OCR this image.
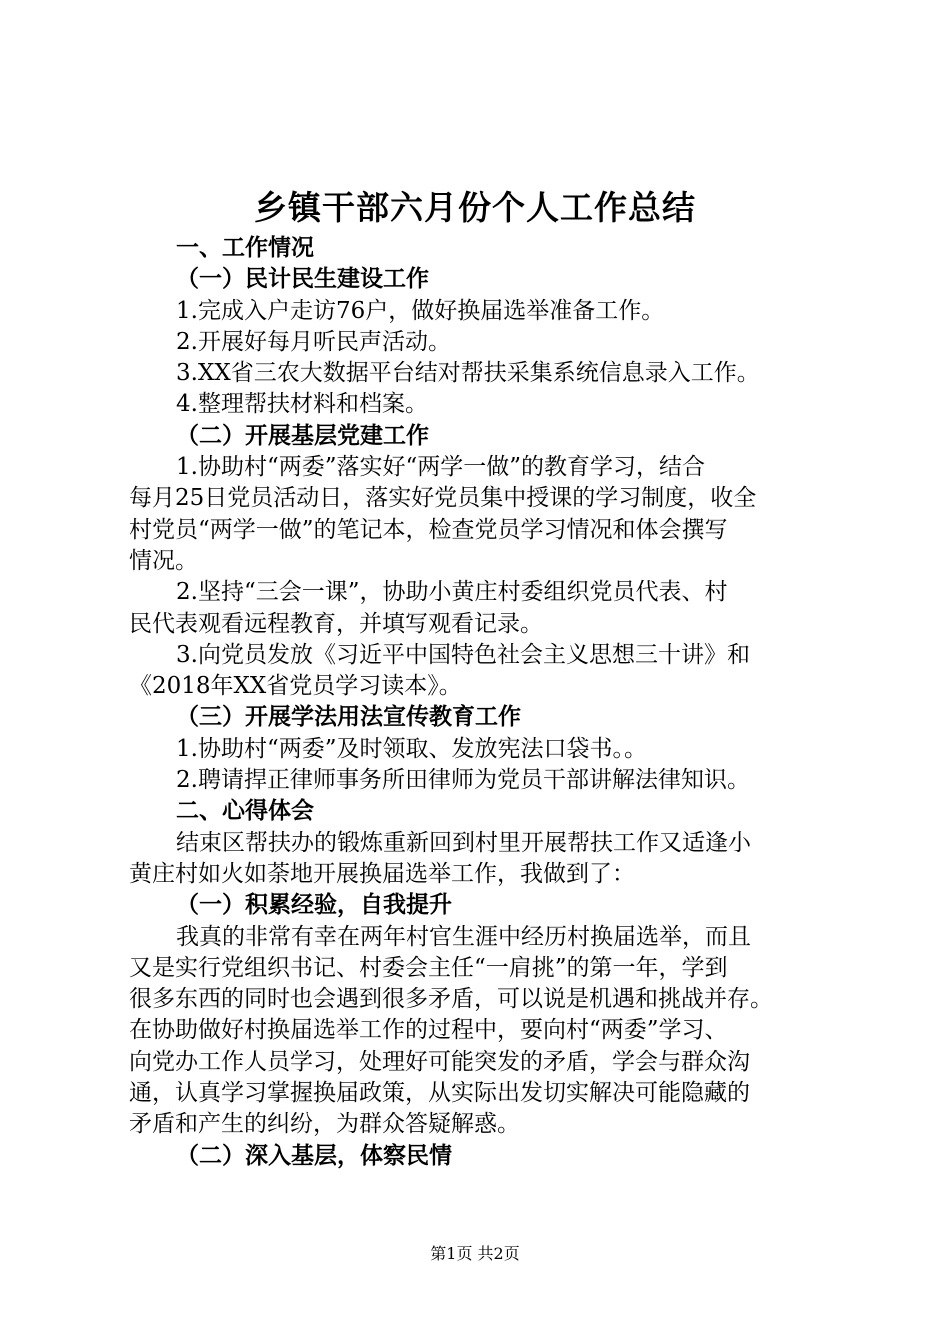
乡镇干部六月份个人工作总结
一、工作情况
（一）民计民生建设工作
1.完成入户走访76户，做好换届选举准备工作。
2.开展好每月听民声活动。
3.XX省三农大数据平台结对帮扶采集系统信息录入工作。
4.整理帮扶材料和档案。
（二）开展基层党建工作
1.协助村“两委”落实好“两学一做”的教育学习，结合
每月25日党员活动日，落实好党员集中授课的学习制度，收全
村党员“两学一做”的笔记本，检查党员学习情况和体会撰写
情况。
2.坚持“三会一课”，协助小黄庄村委组织党员代表、村
民代表观看远程教育，并填写观看记录。
3.向党员发放《习近平中国特色社会主义思想三十讲》和
《2018年XX省党员学习读本》。
（三）开展学法用法宣传教育工作
1.协助村“两委”及时领取、发放宪法口袋书。。
2.聘请捍正律师事务所田律师为党员干部讲解法律知识。
二、心得体会
结束区帮扶办的锻炼重新回到村里开展帮扶工作又适逢小
黄庄村如火如荼地开展换届选举工作，我做到了：
（一）积累经验，自我提升
我真的非常有幸在两年村官生涯中经历村换届选举，而且
又是实行党组织书记、村委会主任“一肩挑”的第一年，学到
很多东西的同时也会遇到很多矛盾，可以说是机遇和挑战并存。
在协助做好村换届选举工作的过程中，要向村“两委”学习、
向党办工作人员学习，处理好可能突发的矛盾，学会与群众沟
通，认真学习掌握换届政策，从实际出发切实解决可能隐藏的
矛盾和产生的纠纷，为群众答疑解惑。
（二）深入基层，体察民情
第1页 共2页
